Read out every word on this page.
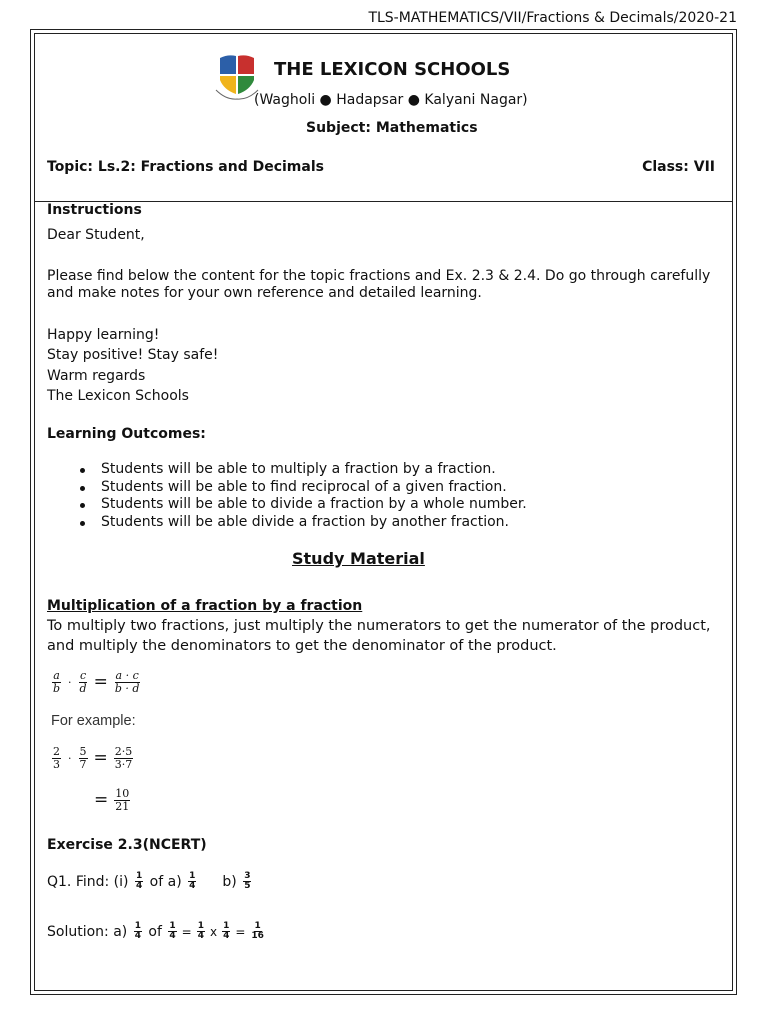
TLS-MATHEMATICS/VII/Fractions & Decimals/2020-21
THE LEXICON SCHOOLS
(Wagholi ● Hadapsar ● Kalyani Nagar)
Subject: Mathematics
Topic: Ls.2: Fractions and Decimals	Class: VII
Instructions
Dear Student,
Please find below the content for the topic fractions and Ex. 2.3 & 2.4. Do go through carefully and make notes for your own reference and detailed learning.
Happy learning!
Stay positive! Stay safe!
Warm regards
The Lexicon Schools
Learning Outcomes:
Students will be able to multiply a fraction by a fraction.
Students will be able to find reciprocal of a given fraction.
Students will be able to divide a fraction by a whole number.
Students will be able divide a fraction by another fraction.
Study Material
Multiplication of a fraction by a fraction
To multiply two fractions, just multiply the numerators to get the numerator of the product, and multiply the denominators to get the denominator of the product.
$\frac{a}{b} \cdot \frac{c}{d} = \frac{a \cdot c}{b \cdot d}$
For example:
$\frac{2}{3} \cdot \frac{5}{7} = \frac{2\cdot 5}{3\cdot 7}$
= $\frac{10}{21}$
Exercise 2.3(NCERT)
Q1. Find: (i)
$\frac{1}{4}$
of a)
$\frac{1}{4} b$)
$\frac{3}{5}$
Solution: a)
$\frac{1}{4}$
of
$\frac{1}{4} = \frac{1}{4}$ x $\frac{1}{4} = \frac{1}{16}$
